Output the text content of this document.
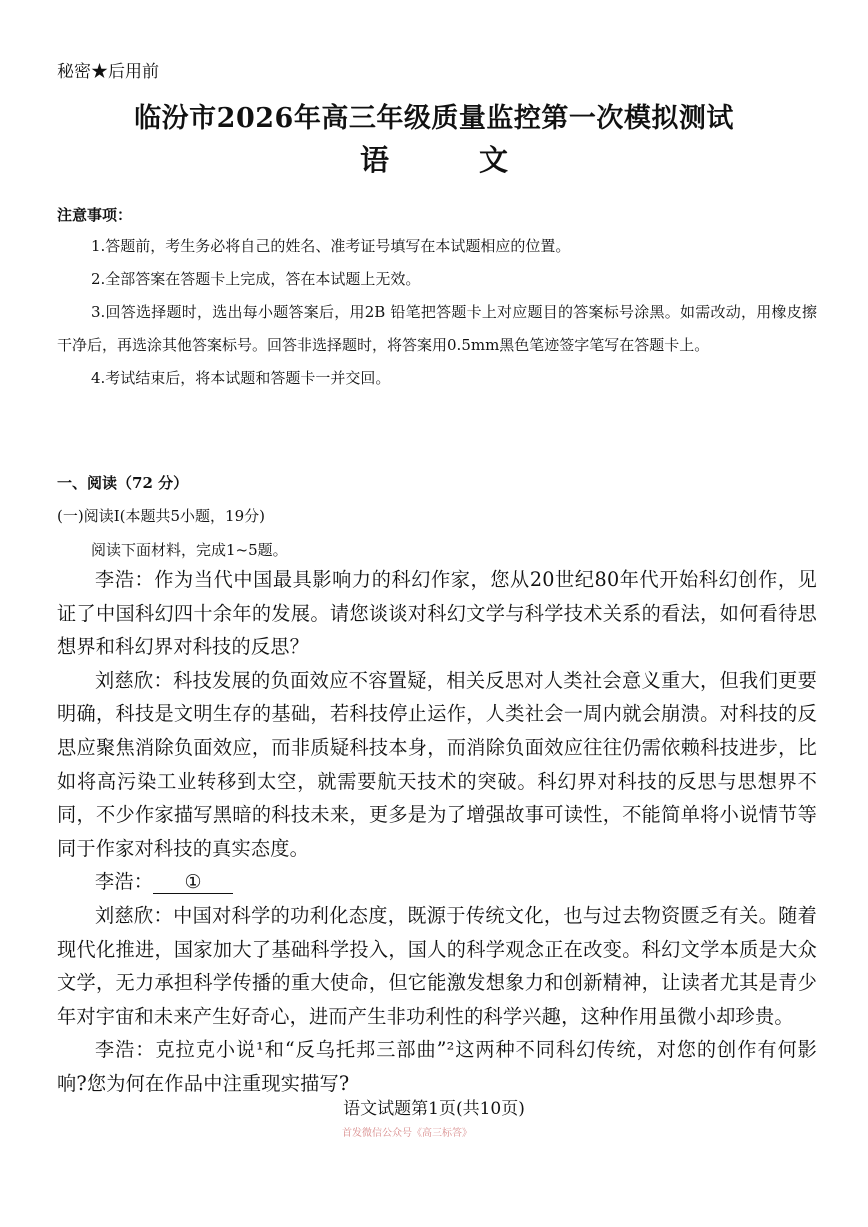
秘密★后用前
临汾市2026年高三年级质量监控第一次模拟测试
语文
注意事项：

1.答题前，考生务必将自己的姓名、准考证号填写在本试题相应的位置。

2.全部答案在答题卡上完成，答在本试题上无效。

3.回答选择题时，选出每小题答案后，用2B 铅笔把答题卡上对应题目的答案标号涂黑。如需改动，用橡皮擦干净后，再选涂其他答案标号。回答非选择题时，将答案用0.5mm黑色笔迹签字笔写在答题卡上。

4.考试结束后，将本试题和答题卡一并交回。

一、阅读（72 分）
(一)阅读Ⅰ(本题共5小题，19分)
阅读下面材料，完成1~5题。

李浩：作为当代中国最具影响力的科幻作家，您从20世纪80年代开始科幻创作，见证了中国科幻四十余年的发展。请您谈谈对科幻文学与科学技术关系的看法，如何看待思想界和科幻界对科技的反思？

刘慈欣：科技发展的负面效应不容置疑，相关反思对人类社会意义重大，但我们更要明确，科技是文明生存的基础，若科技停止运作，人类社会一周内就会崩溃。对科技的反思应聚焦消除负面效应，而非质疑科技本身，而消除负面效应往往仍需依赖科技进步，比如将高污染工业转移到太空，就需要航天技术的突破。科幻界对科技的反思与思想界不同，不少作家描写黑暗的科技未来，更多是为了增强故事可读性，不能简单将小说情节等同于作家对科技的真实态度。

李浩： ①

刘慈欣：中国对科学的功利化态度，既源于传统文化，也与过去物资匮乏有关。随着现代化推进，国家加大了基础科学投入，国人的科学观念正在改变。科幻文学本质是大众文学，无力承担科学传播的重大使命，但它能激发想象力和创新精神，让读者尤其是青少年对宇宙和未来产生好奇心，进而产生非功利性的科学兴趣，这种作用虽微小却珍贵。

李浩：克拉克小说¹和“反乌托邦三部曲”²这两种不同科幻传统，对您的创作有何影响?您为何在作品中注重现实描写?

语文试题第1页(共10页)
首发微信公众号《高三标答》
